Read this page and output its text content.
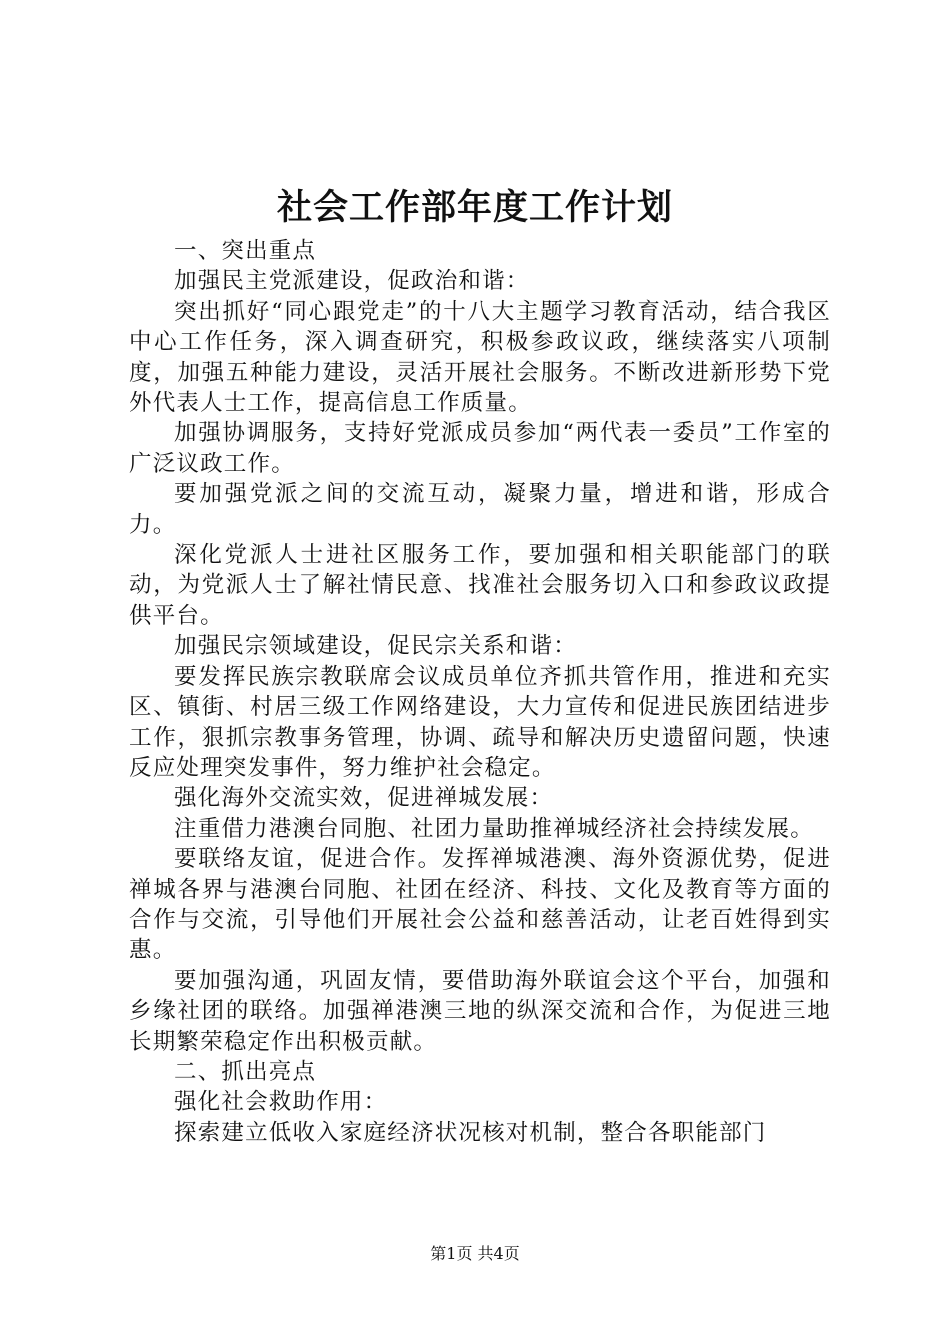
社会工作部年度工作计划

一、突出重点

加强民主党派建设，促政治和谐：

突出抓好“同心跟党走”的十八大主题学习教育活动，结合我区中心工作任务，深入调查研究，积极参政议政，继续落实八项制度，加强五种能力建设，灵活开展社会服务。不断改进新形势下党外代表人士工作，提高信息工作质量。

加强协调服务，支持好党派成员参加“两代表一委员”工作室的广泛议政工作。

要加强党派之间的交流互动，凝聚力量，增进和谐，形成合力。

深化党派人士进社区服务工作，要加强和相关职能部门的联动，为党派人士了解社情民意、找准社会服务切入口和参政议政提供平台。

加强民宗领域建设，促民宗关系和谐：

要发挥民族宗教联席会议成员单位齐抓共管作用，推进和充实区、镇街、村居三级工作网络建设，大力宣传和促进民族团结进步工作，狠抓宗教事务管理，协调、疏导和解决历史遗留问题，快速反应处理突发事件，努力维护社会稳定。

强化海外交流实效，促进禅城发展：

注重借力港澳台同胞、社团力量助推禅城经济社会持续发展。

要联络友谊，促进合作。发挥禅城港澳、海外资源优势，促进禅城各界与港澳台同胞、社团在经济、科技、文化及教育等方面的合作与交流，引导他们开展社会公益和慈善活动，让老百姓得到实惠。

要加强沟通，巩固友情，要借助海外联谊会这个平台，加强和乡缘社团的联络。加强禅港澳三地的纵深交流和合作，为促进三地长期繁荣稳定作出积极贡献。

二、抓出亮点

强化社会救助作用：

探索建立低收入家庭经济状况核对机制，整合各职能部门

第1页 共4页
